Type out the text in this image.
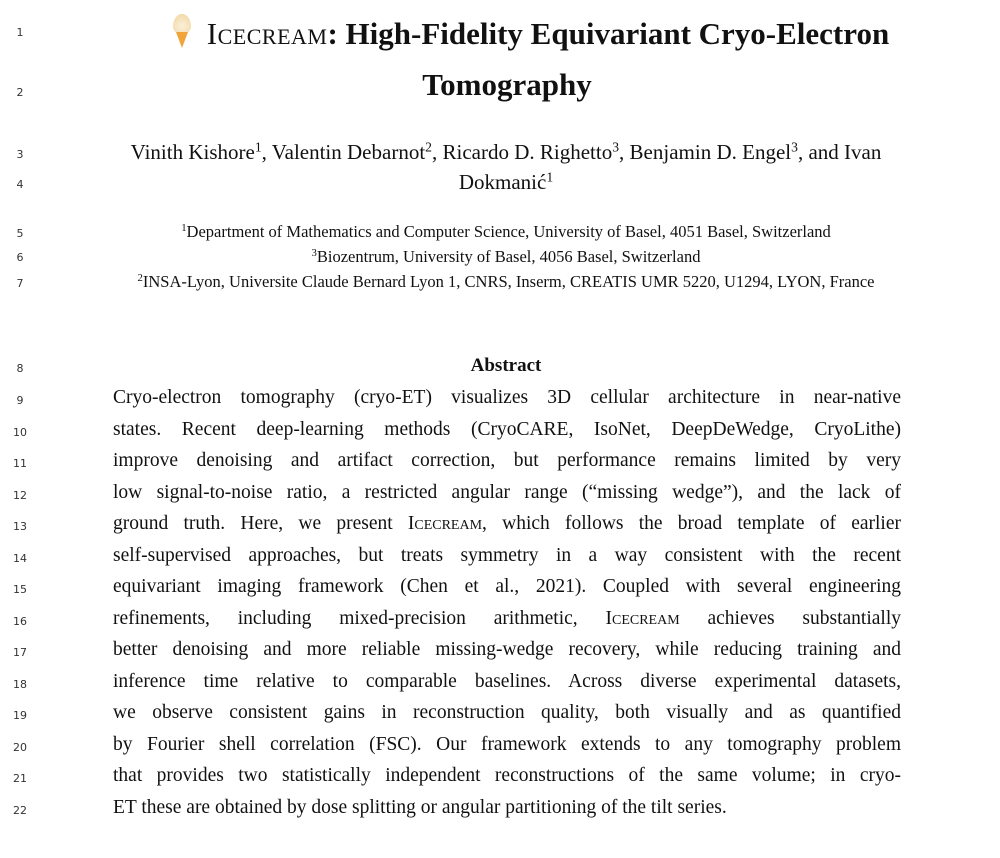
1
2
3
4
5
6
7
8
9
10
11
12
13
14
15
16
17
18
19
20
21
22
Icecream: High-Fidelity Equivariant Cryo-Electron
Tomography
Vinith Kishore$^1$, Valentin Debarnot$^2$, Ricardo D. Righetto$^3$, Benjamin D. Engel$^3$, and Ivan
Dokmanić$^1$
$^1$Department of Mathematics and Computer Science, University of Basel, 4051 Basel, Switzerland
$^3$Biozentrum, University of Basel, 4056 Basel, Switzerland
$^2$INSA-Lyon, Universite Claude Bernard Lyon 1, CNRS, Inserm, CREATIS UMR 5220, U1294, LYON, France
Abstract
Cryo-electron tomography (cryo-ET) visualizes 3D cellular architecture in near-native
states. Recent deep-learning methods (CryoCARE, IsoNet, DeepDeWedge, CryoLithe)
improve denoising and artifact correction, but performance remains limited by very
low signal-to-noise ratio, a restricted angular range (“missing wedge”), and the lack of
ground truth. Here, we present Icecream, which follows the broad template of earlier
self-supervised approaches, but treats symmetry in a way consistent with the recent
equivariant imaging framework (Chen et al., 2021). Coupled with several engineering
refinements, including mixed-precision arithmetic, Icecream achieves substantially
better denoising and more reliable missing-wedge recovery, while reducing training and
inference time relative to comparable baselines. Across diverse experimental datasets,
we observe consistent gains in reconstruction quality, both visually and as quantified
by Fourier shell correlation (FSC). Our framework extends to any tomography problem
that provides two statistically independent reconstructions of the same volume; in cryo-
ET these are obtained by dose splitting or angular partitioning of the tilt series.
